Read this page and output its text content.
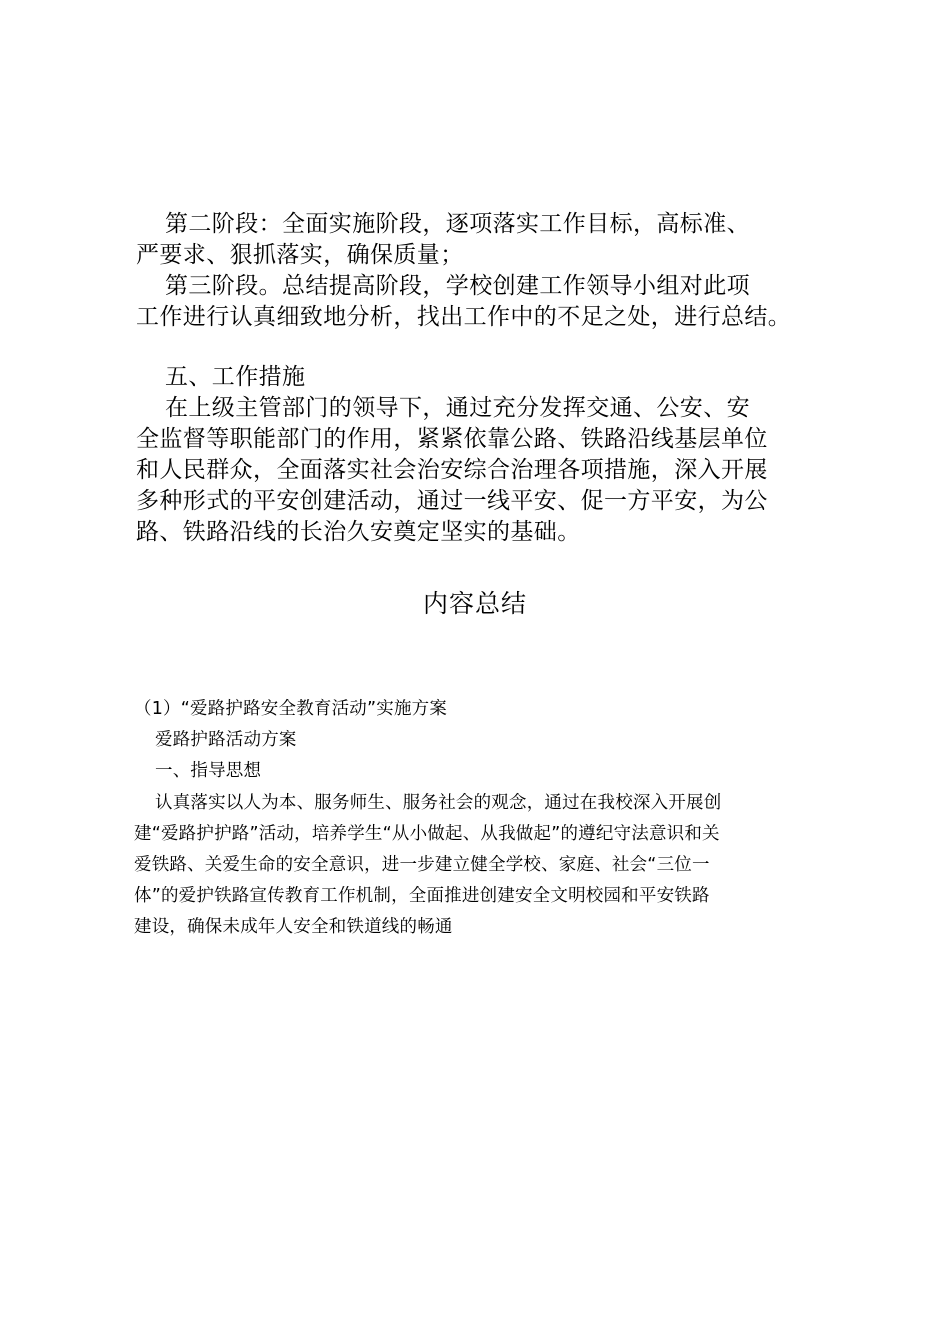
第二阶段：全面实施阶段，逐项落实工作目标，高标准、

严要求、狠抓落实，确保质量；

第三阶段。总结提高阶段，学校创建工作领导小组对此项

工作进行认真细致地分析，找出工作中的不足之处，进行总结。

五、工作措施

在上级主管部门的领导下，通过充分发挥交通、公安、安

全监督等职能部门的作用，紧紧依靠公路、铁路沿线基层单位

和人民群众，全面落实社会治安综合治理各项措施，深入开展

多种形式的平安创建活动，通过一线平安、促一方平安，为公

路、铁路沿线的长治久安奠定坚实的基础。

内容总结

（1）“爱路护路安全教育活动”实施方案

爱路护路活动方案

一、指导思想

认真落实以人为本、服务师生、服务社会的观念，通过在我校深入开展创

建“爱路护护路”活动，培养学生“从小做起、从我做起”的遵纪守法意识和关

爱铁路、关爱生命的安全意识，进一步建立健全学校、家庭、社会“三位一

体”的爱护铁路宣传教育工作机制，全面推进创建安全文明校园和平安铁路

建设，确保未成年人安全和铁道线的畅通
